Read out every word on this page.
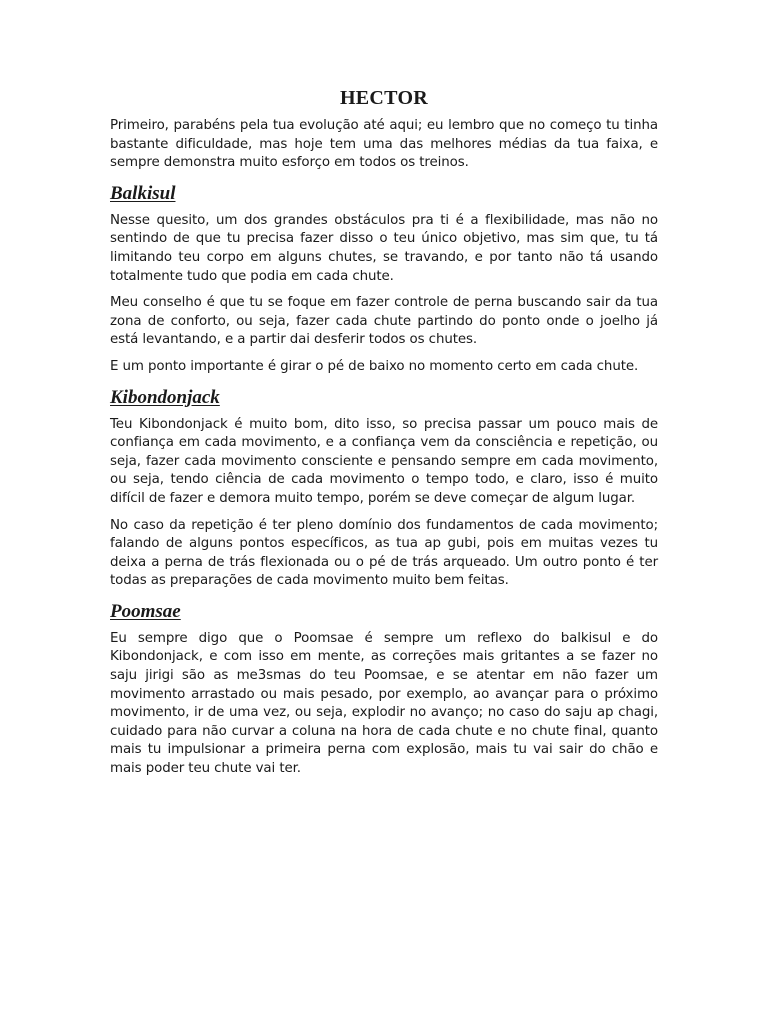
HECTOR

Primeiro, parabéns pela tua evolução até aqui; eu lembro que no começo tu tinha bastante dificuldade, mas hoje tem uma das melhores médias da tua faixa, e sempre demonstra muito esforço em todos os treinos.

Balkisul

Nesse quesito, um dos grandes obstáculos pra ti é a flexibilidade, mas não no sentindo de que tu precisa fazer disso o teu único objetivo, mas sim que, tu tá limitando teu corpo em alguns chutes, se travando, e por tanto não tá usando totalmente tudo que podia em cada chute.

Meu conselho é que tu se foque em fazer controle de perna buscando sair da tua zona de conforto, ou seja, fazer cada chute partindo do ponto onde o joelho já está levantando, e a partir dai desferir todos os chutes.

E um ponto importante é girar o pé de baixo no momento certo em cada chute.

Kibondonjack

Teu Kibondonjack é muito bom, dito isso, so precisa passar um pouco mais de confiança em cada movimento, e a confiança vem da consciência e repetição, ou seja, fazer cada movimento consciente e pensando sempre em cada movimento, ou seja, tendo ciência de cada movimento o tempo todo, e claro, isso é muito difícil de fazer e demora muito tempo, porém se deve começar de algum lugar.

No caso da repetição é ter pleno domínio dos fundamentos de cada movimento; falando de alguns pontos específicos, as tua ap gubi, pois em muitas vezes tu deixa a perna de trás flexionada ou o pé de trás arqueado. Um outro ponto é ter todas as preparações de cada movimento muito bem feitas.

Poomsae

Eu sempre digo que o Poomsae é sempre um reflexo do balkisul e do Kibondonjack, e com isso em mente, as correções mais gritantes a se fazer no saju jirigi são as me3smas do teu Poomsae, e se atentar em não fazer um movimento arrastado ou mais pesado, por exemplo, ao avançar para o próximo movimento, ir de uma vez, ou seja, explodir no avanço; no caso do saju ap chagi, cuidado para não curvar a coluna na hora de cada chute e no chute final, quanto mais tu impulsionar a primeira perna com explosão, mais tu vai sair do chão e mais poder teu chute vai ter.
